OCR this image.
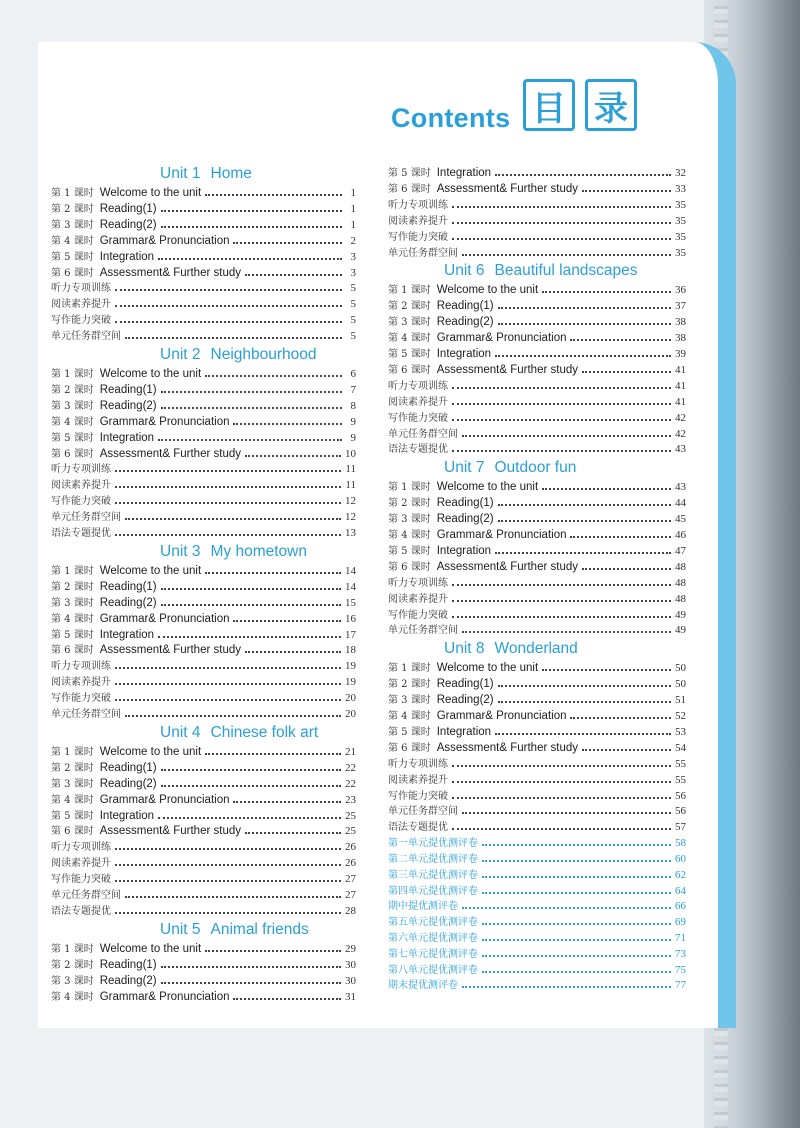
Contents 目 录
Unit 1 Home
第 1 课时 Welcome to the unit	1
第 2 课时 Reading(1)	1
第 3 课时 Reading(2)	1
第 4 课时 Grammar& Pronunciation	2
第 5 课时 Integration	3
第 6 课时 Assessment& Further study	3
听力专项训练	5
阅读素养提升	5
写作能力突破	5
单元任务群空间	5
Unit 2 Neighbourhood
第 1 课时 Welcome to the unit	6
第 2 课时 Reading(1)	7
第 3 课时 Reading(2)	8
第 4 课时 Grammar& Pronunciation	9
第 5 课时 Integration	9
第 6 课时 Assessment& Further study	10
听力专项训练	11
阅读素养提升	11
写作能力突破	12
单元任务群空间	12
语法专题提优	13
Unit 3 My hometown
第 1 课时 Welcome to the unit	14
第 2 课时 Reading(1)	14
第 3 课时 Reading(2)	15
第 4 课时 Grammar& Pronunciation	16
第 5 课时 Integration	17
第 6 课时 Assessment& Further study	18
听力专项训练	19
阅读素养提升	19
写作能力突破	20
单元任务群空间	20
Unit 4 Chinese folk art
第 1 课时 Welcome to the unit	21
第 2 课时 Reading(1)	22
第 3 课时 Reading(2)	22
第 4 课时 Grammar& Pronunciation	23
第 5 课时 Integration	25
第 6 课时 Assessment& Further study	25
听力专项训练	26
阅读素养提升	26
写作能力突破	27
单元任务群空间	27
语法专题提优	28
Unit 5 Animal friends
第 1 课时 Welcome to the unit	29
第 2 课时 Reading(1)	30
第 3 课时 Reading(2)	30
第 4 课时 Grammar& Pronunciation	31
第 5 课时 Integration	32
第 6 课时 Assessment& Further study	33
听力专项训练	35
阅读素养提升	35
写作能力突破	35
单元任务群空间	35
Unit 6 Beautiful landscapes
第 1 课时 Welcome to the unit	36
第 2 课时 Reading(1)	37
第 3 课时 Reading(2)	38
第 4 课时 Grammar& Pronunciation	38
第 5 课时 Integration	39
第 6 课时 Assessment& Further study	41
听力专项训练	41
阅读素养提升	41
写作能力突破	42
单元任务群空间	42
语法专题提优	43
Unit 7 Outdoor fun
第 1 课时 Welcome to the unit	43
第 2 课时 Reading(1)	44
第 3 课时 Reading(2)	45
第 4 课时 Grammar& Pronunciation	46
第 5 课时 Integration	47
第 6 课时 Assessment& Further study	48
听力专项训练	48
阅读素养提升	48
写作能力突破	49
单元任务群空间	49
Unit 8 Wonderland
第 1 课时 Welcome to the unit	50
第 2 课时 Reading(1)	50
第 3 课时 Reading(2)	51
第 4 课时 Grammar& Pronunciation	52
第 5 课时 Integration	53
第 6 课时 Assessment& Further study	54
听力专项训练	55
阅读素养提升	55
写作能力突破	56
单元任务群空间	56
语法专题提优	57
第一单元提优测评卷	58
第二单元提优测评卷	60
第三单元提优测评卷	62
第四单元提优测评卷	64
期中提优测评卷	66
第五单元提优测评卷	69
第六单元提优测评卷	71
第七单元提优测评卷	73
第八单元提优测评卷	75
期末提优测评卷	77
